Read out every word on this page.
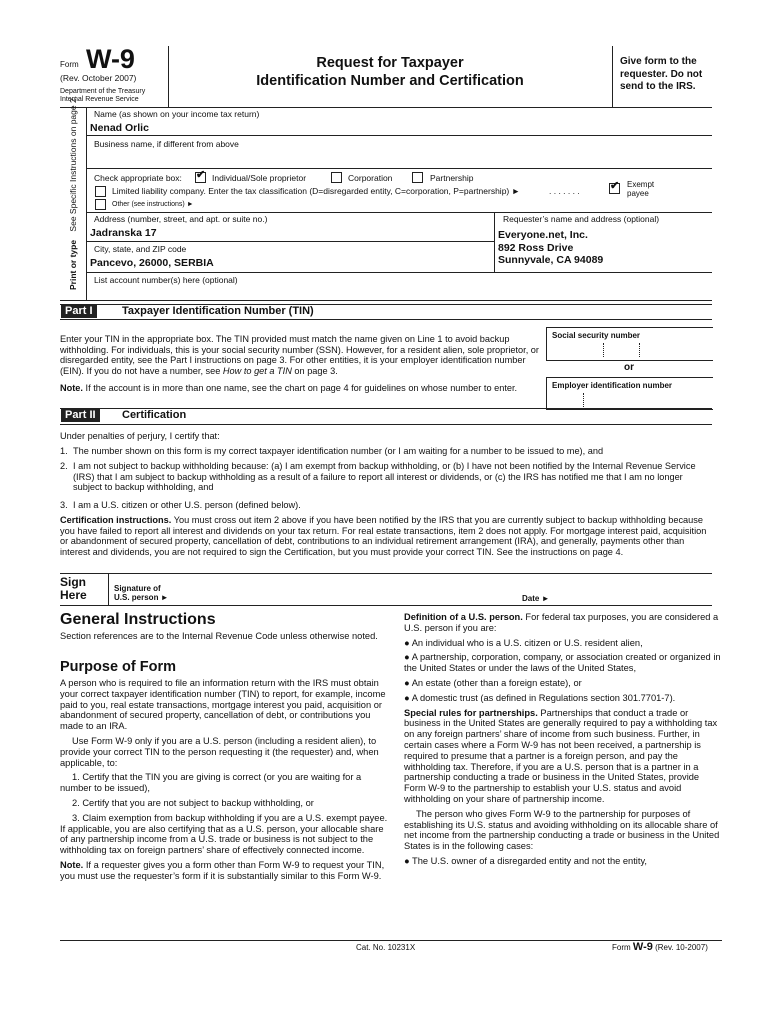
Form W-9
(Rev. October 2007)
Department of the Treasury
Internal Revenue Service
Request for Taxpayer
Identification Number and Certification
Give form to the requester. Do not send to the IRS.
Print or type See Specific Instructions on page 2. Name (as shown on your income tax return)
Nenad Orlic
Business name, if different from above
Check appropriate box: ✔ Individual/Sole proprietor	Corporation	Partnership
Limited liability company. Enter the tax classification (D=disregarded entity, C=corporation, P=partnership) ►	. . . . . . .
Other (see instructions) ►
✔ Exempt payee
Address (number, street, and apt. or suite no.)
Jadranska 17
City, state, and ZIP code
Pancevo, 26000, SERBIA
Requester’s name and address (optional)
Everyone.net, Inc.
892 Ross Drive
Sunnyvale, CA 94089
List account number(s) here (optional)
Part I	Taxpayer Identification Number (TIN)
Enter your TIN in the appropriate box. The TIN provided must match the name given on Line 1 to avoid backup withholding. For individuals, this is your social security number (SSN). However, for a resident alien, sole proprietor, or disregarded entity, see the Part I instructions on page 3. For other entities, it is your employer identification number (EIN). If you do not have a number, see How to get a TIN on page 3.
Note. If the account is in more than one name, see the chart on page 4 for guidelines on whose number to enter.
Social security number
or
Employer identification number
Part II	Certification
Under penalties of perjury, I certify that:
1. The number shown on this form is my correct taxpayer identification number (or I am waiting for a number to be issued to me), and
2. I am not subject to backup withholding because: (a) I am exempt from backup withholding, or (b) I have not been notified by the Internal Revenue Service (IRS) that I am subject to backup withholding as a result of a failure to report all interest or dividends, or (c) the IRS has notified me that I am no longer subject to backup withholding, and
3. I am a U.S. citizen or other U.S. person (defined below).
Certification instructions. You must cross out item 2 above if you have been notified by the IRS that you are currently subject to backup withholding because you have failed to report all interest and dividends on your tax return. For real estate transactions, item 2 does not apply. For mortgage interest paid, acquisition or abandonment of secured property, cancellation of debt, contributions to an individual retirement arrangement (IRA), and generally, payments other than interest and dividends, you are not required to sign the Certification, but you must provide your correct TIN. See the instructions on page 4.
Sign
Here	Signature of
U.S. person ►	Date ►
General Instructions
Section references are to the Internal Revenue Code unless otherwise noted.
Purpose of Form

A person who is required to file an information return with the IRS must obtain your correct taxpayer identification number (TIN) to report, for example, income paid to you, real estate transactions, mortgage interest you paid, acquisition or abandonment of secured property, cancellation of debt, or contributions you made to an IRA.

Use Form W-9 only if you are a U.S. person (including a resident alien), to provide your correct TIN to the person requesting it (the requester) and, when applicable, to:

1. Certify that the TIN you are giving is correct (or you are waiting for a number to be issued),

2. Certify that you are not subject to backup withholding, or

3. Claim exemption from backup withholding if you are a U.S. exempt payee. If applicable, you are also certifying that as a U.S. person, your allocable share of any partnership income from a U.S. trade or business is not subject to the withholding tax on foreign partners’ share of effectively connected income.

Note. If a requester gives you a form other than Form W-9 to request your TIN, you must use the requester’s form if it is substantially similar to this Form W-9.

Definition of a U.S. person. For federal tax purposes, you are considered a U.S. person if you are:

● An individual who is a U.S. citizen or U.S. resident alien,

● A partnership, corporation, company, or association created or organized in the United States or under the laws of the United States,

● An estate (other than a foreign estate), or

● A domestic trust (as defined in Regulations section 301.7701-7).

Special rules for partnerships. Partnerships that conduct a trade or business in the United States are generally required to pay a withholding tax on any foreign partners’ share of income from such business. Further, in certain cases where a Form W-9 has not been received, a partnership is required to presume that a partner is a foreign person, and pay the withholding tax. Therefore, if you are a U.S. person that is a partner in a partnership conducting a trade or business in the United States, provide Form W-9 to the partnership to establish your U.S. status and avoid withholding on your share of partnership income.

The person who gives Form W-9 to the partnership for purposes of establishing its U.S. status and avoiding withholding on its allocable share of net income from the partnership conducting a trade or business in the United States is in the following cases:

● The U.S. owner of a disregarded entity and not the entity,

Cat. No. 10231X	Form W-9 (Rev. 10-2007)
